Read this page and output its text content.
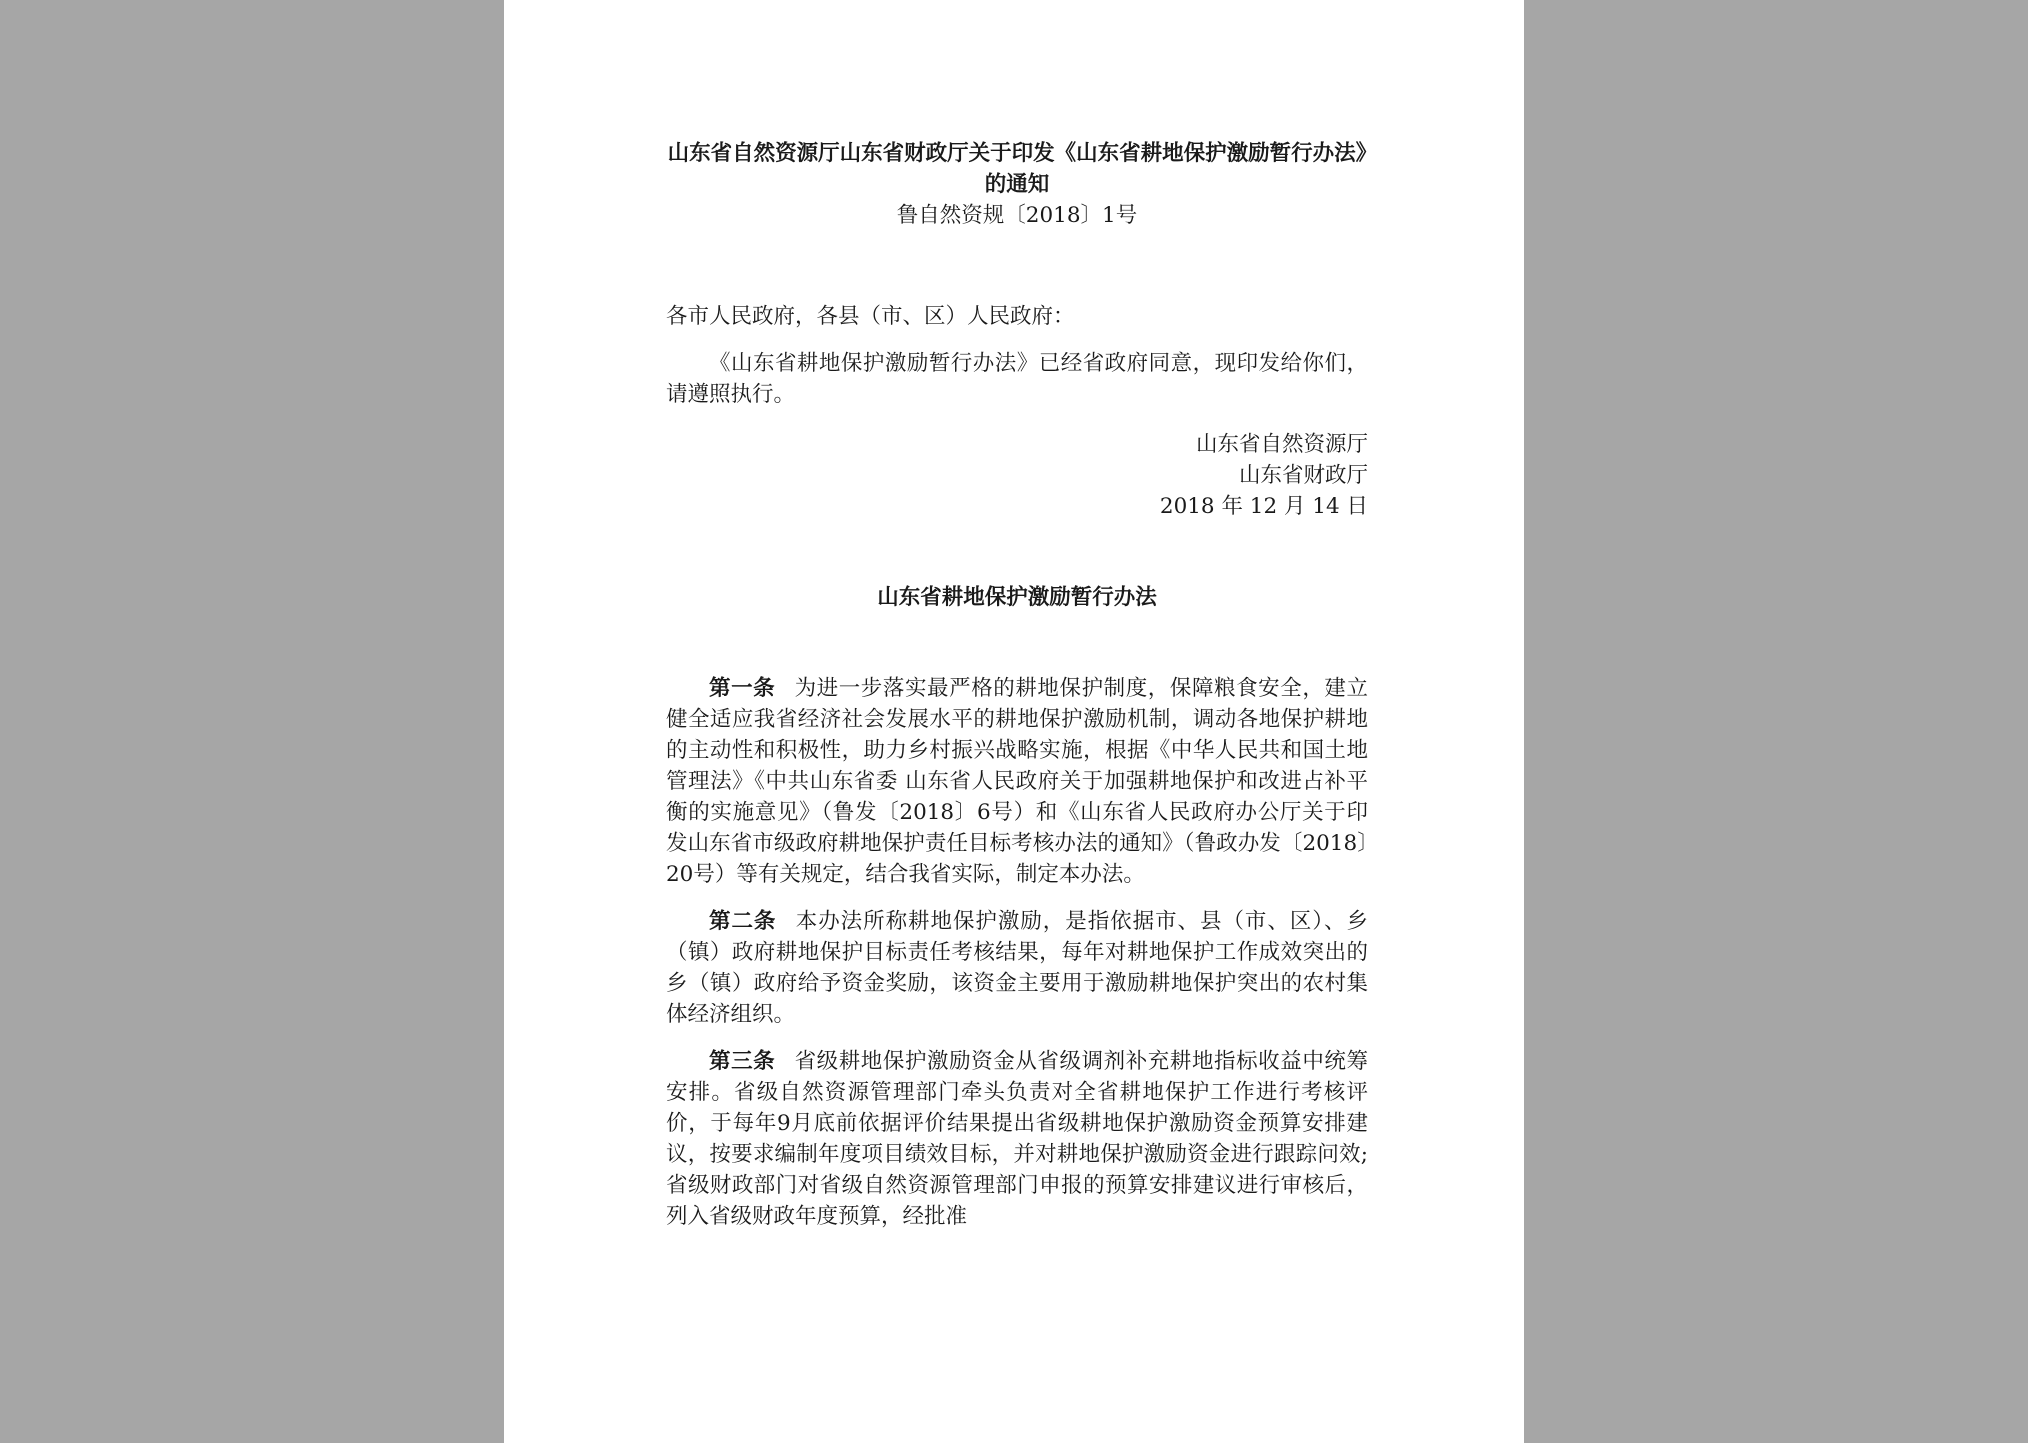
山东省自然资源厅山东省财政厅关于印发《山东省耕地保护激励暂行办法》的通知

鲁自然资规〔2018〕1号

各市人民政府，各县（市、区）人民政府：

《山东省耕地保护激励暂行办法》已经省政府同意，现印发给你们，请遵照执行。

山东省自然资源厅
山东省财政厅
2018 年 12 月 14 日

山东省耕地保护激励暂行办法

第一条 为进一步落实最严格的耕地保护制度，保障粮食安全，建立健全适应我省经济社会发展水平的耕地保护激励机制，调动各地保护耕地的主动性和积极性，助力乡村振兴战略实施，根据《中华人民共和国土地管理法》《中共山东省委 山东省人民政府关于加强耕地保护和改进占补平衡的实施意见》（鲁发〔2018〕6号）和《山东省人民政府办公厅关于印发山东省市级政府耕地保护责任目标考核办法的通知》（鲁政办发〔2018〕20号）等有关规定，结合我省实际，制定本办法。

第二条 本办法所称耕地保护激励，是指依据市、县（市、区）、乡（镇）政府耕地保护目标责任考核结果，每年对耕地保护工作成效突出的乡（镇）政府给予资金奖励，该资金主要用于激励耕地保护突出的农村集体经济组织。

第三条 省级耕地保护激励资金从省级调剂补充耕地指标收益中统筹安排。省级自然资源管理部门牵头负责对全省耕地保护工作进行考核评价，于每年9月底前依据评价结果提出省级耕地保护激励资金预算安排建议，按要求编制年度项目绩效目标，并对耕地保护激励资金进行跟踪问效;省级财政部门对省级自然资源管理部门申报的预算安排建议进行审核后，列入省级财政年度预算，经批准
